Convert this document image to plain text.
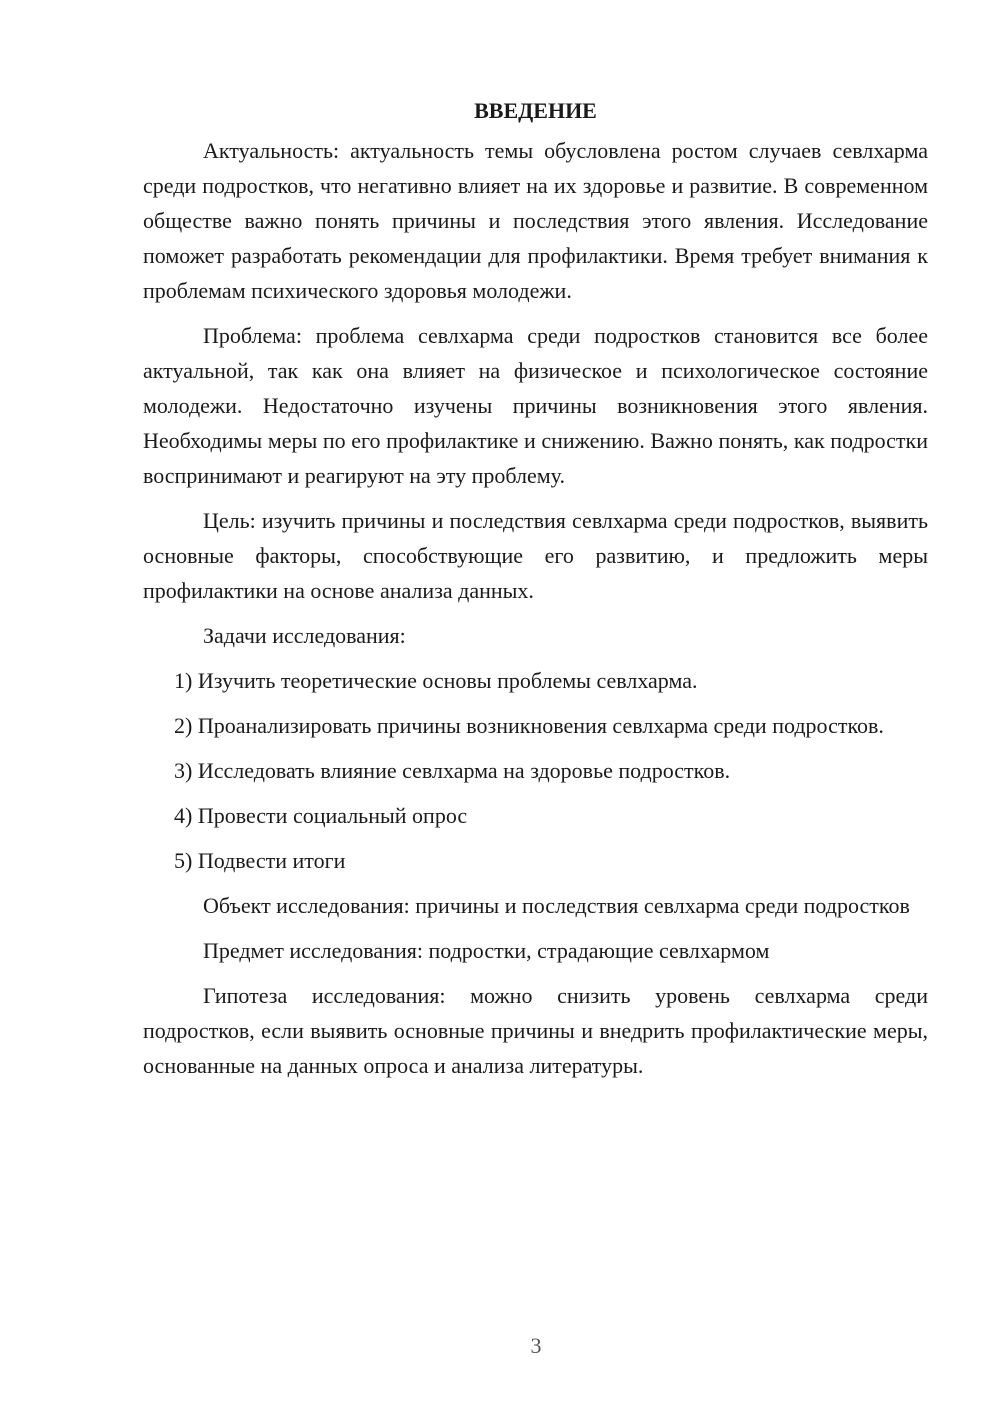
ВВЕДЕНИЕ

Актуальность: актуальность темы обусловлена ростом случаев севлхарма среди подростков, что негативно влияет на их здоровье и развитие. В современном обществе важно понять причины и последствия этого явления. Исследование поможет разработать рекомендации для профилактики. Время требует внимания к проблемам психического здоровья молодежи.

Проблема: проблема севлхарма среди подростков становится все более актуальной, так как она влияет на физическое и психологическое состояние молодежи. Недостаточно изучены причины возникновения этого явления. Необходимы меры по его профилактике и снижению. Важно понять, как подростки воспринимают и реагируют на эту проблему.

Цель: изучить причины и последствия севлхарма среди подростков, выявить основные факторы, способствующие его развитию, и предложить меры профилактики на основе анализа данных.

Задачи исследования:

1) Изучить теоретические основы проблемы севлхарма.

2) Проанализировать причины возникновения севлхарма среди подростков.

3) Исследовать влияние севлхарма на здоровье подростков.

4) Провести социальный опрос

5) Подвести итоги

Объект исследования: причины и последствия севлхарма среди подростков

Предмет исследования: подростки, страдающие севлхармом

Гипотеза исследования: можно снизить уровень севлхарма среди подростков, если выявить основные причины и внедрить профилактические меры, основанные на данных опроса и анализа литературы.

3
